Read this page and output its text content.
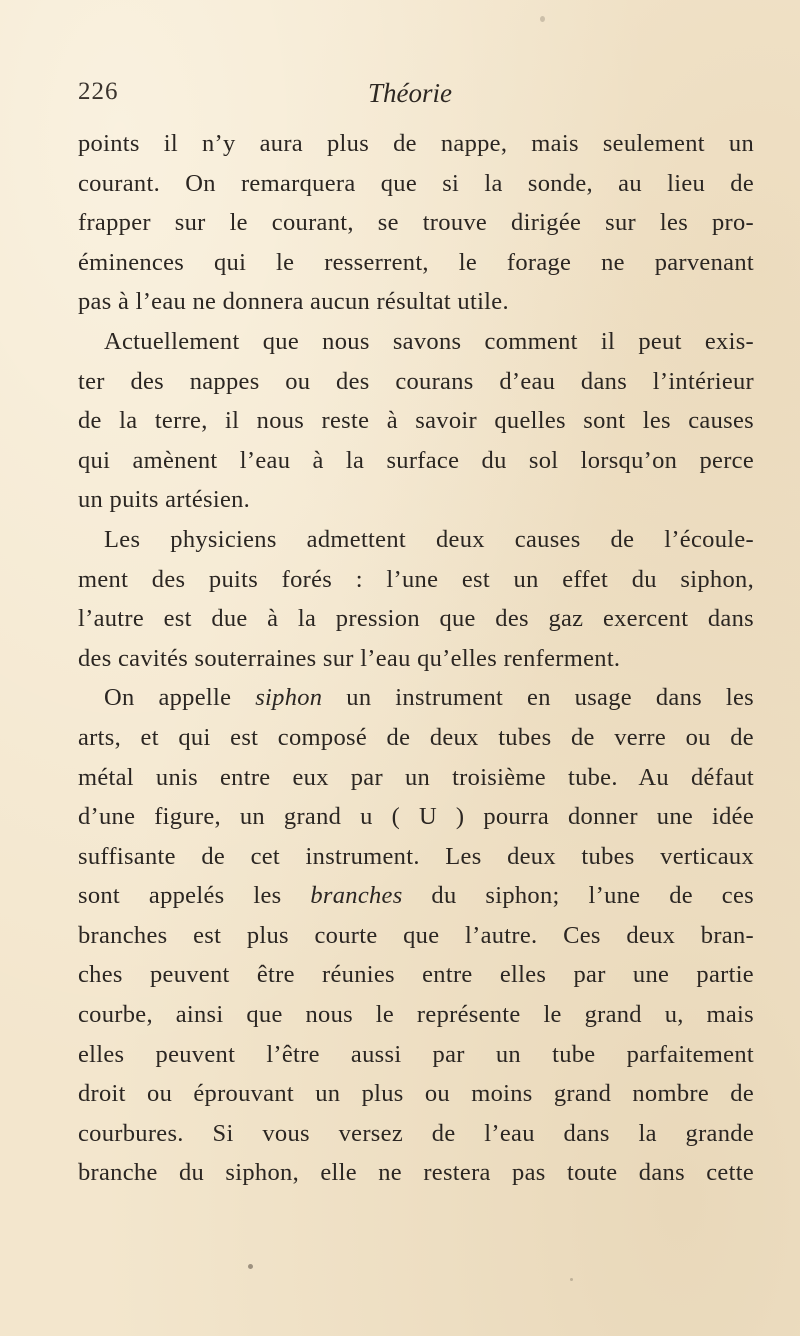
226	Théorie
points il n’y aura plus de nappe, mais seulement un
courant. On remarquera que si la sonde, au lieu de
frapper sur le courant, se trouve dirigée sur les pro-
éminences qui le resserrent, le forage ne parvenant
pas à l’eau ne donnera aucun résultat utile.
Actuellement que nous savons comment il peut exis-
ter des nappes ou des courans d’eau dans l’intérieur
de la terre, il nous reste à savoir quelles sont les causes
qui amènent l’eau à la surface du sol lorsqu’on perce
un puits artésien.
Les physiciens admettent deux causes de l’écoule-
ment des puits forés : l’une est un effet du siphon,
l’autre est due à la pression que des gaz exercent dans
des cavités souterraines sur l’eau qu’elles renferment.
On appelle siphon un instrument en usage dans les
arts, et qui est composé de deux tubes de verre ou de
métal unis entre eux par un troisième tube. Au défaut
d’une figure, un grand u ( U ) pourra donner une idée
suffisante de cet instrument. Les deux tubes verticaux
sont appelés les branches du siphon; l’une de ces
branches est plus courte que l’autre. Ces deux bran-
ches peuvent être réunies entre elles par une partie
courbe, ainsi que nous le représente le grand u, mais
elles peuvent l’être aussi par un tube parfaitement
droit ou éprouvant un plus ou moins grand nombre de
courbures. Si vous versez de l’eau dans la grande
branche du siphon, elle ne restera pas toute dans cette
